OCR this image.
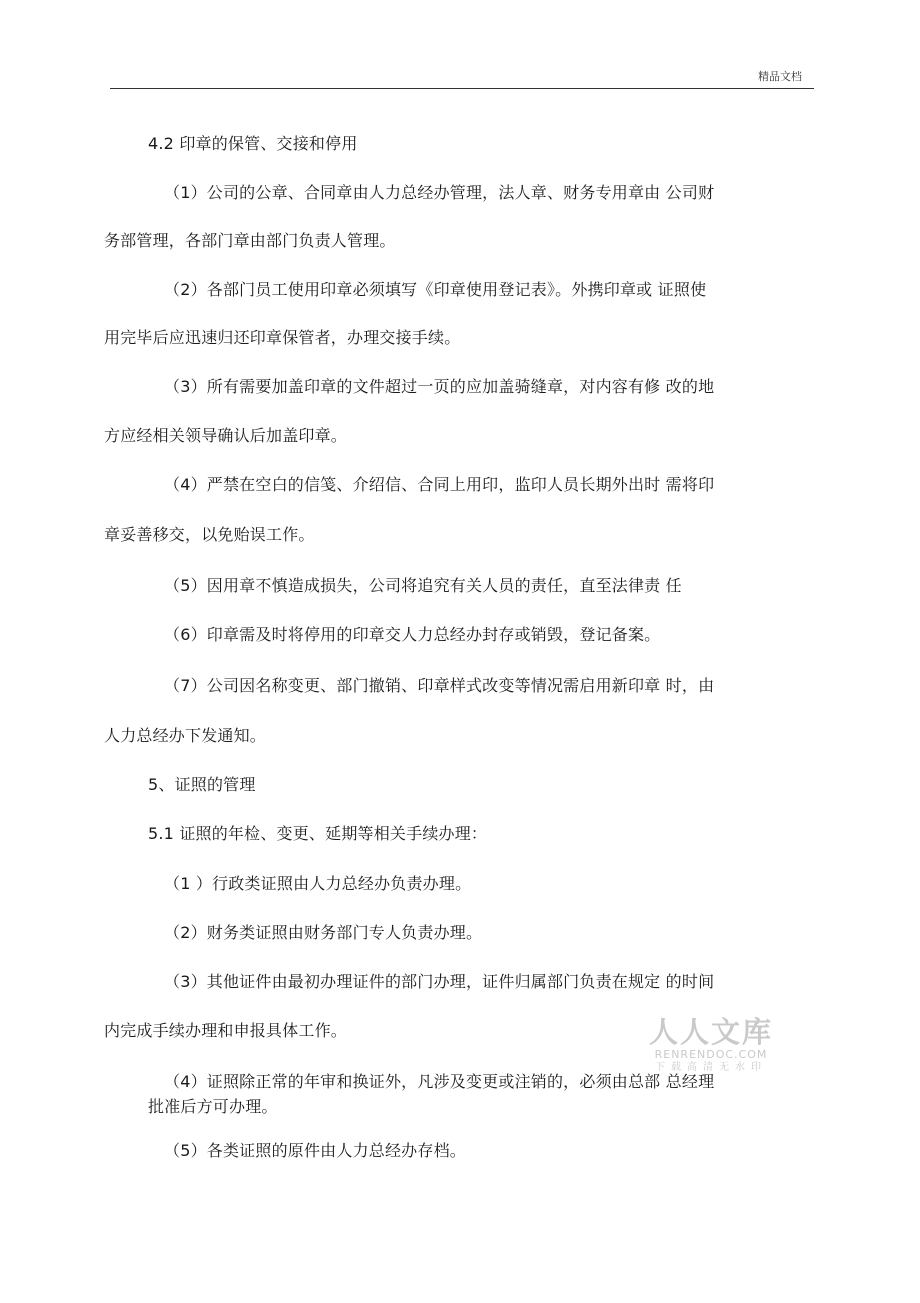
精品文档

4.2 印章的保管、交接和停用

（1）公司的公章、合同章由人力总经办管理，法人章、财务专用章由 公司财

务部管理，各部门章由部门负责人管理。

（2）各部门员工使用印章必须填写《印章使用登记表》。外携印章或 证照使

用完毕后应迅速归还印章保管者，办理交接手续。

（3）所有需要加盖印章的文件超过一页的应加盖骑缝章，对内容有修 改的地

方应经相关领导确认后加盖印章。

（4）严禁在空白的信笺、介绍信、合同上用印，监印人员长期外出时 需将印

章妥善移交，以免贻误工作。

（5）因用章不慎造成损失，公司将追究有关人员的责任，直至法律责 任

（6）印章需及时将停用的印章交人力总经办封存或销毁，登记备案。

（7）公司因名称变更、部门撤销、印章样式改变等情况需启用新印章 时，由

人力总经办下发通知。

5、证照的管理

5.1 证照的年检、变更、延期等相关手续办理：

（1 ）行政类证照由人力总经办负责办理。

（2）财务类证照由财务部门专人负责办理。

（3）其他证件由最初办理证件的部门办理，证件归属部门负责在规定 的时间

内完成手续办理和申报具体工作。

（4）证照除正常的年审和换证外，凡涉及变更或注销的，必须由总部 总经理

批准后方可办理。

（5）各类证照的原件由人力总经办存档。

人人文库
RENRENDOC.COM
下载高清无水印
